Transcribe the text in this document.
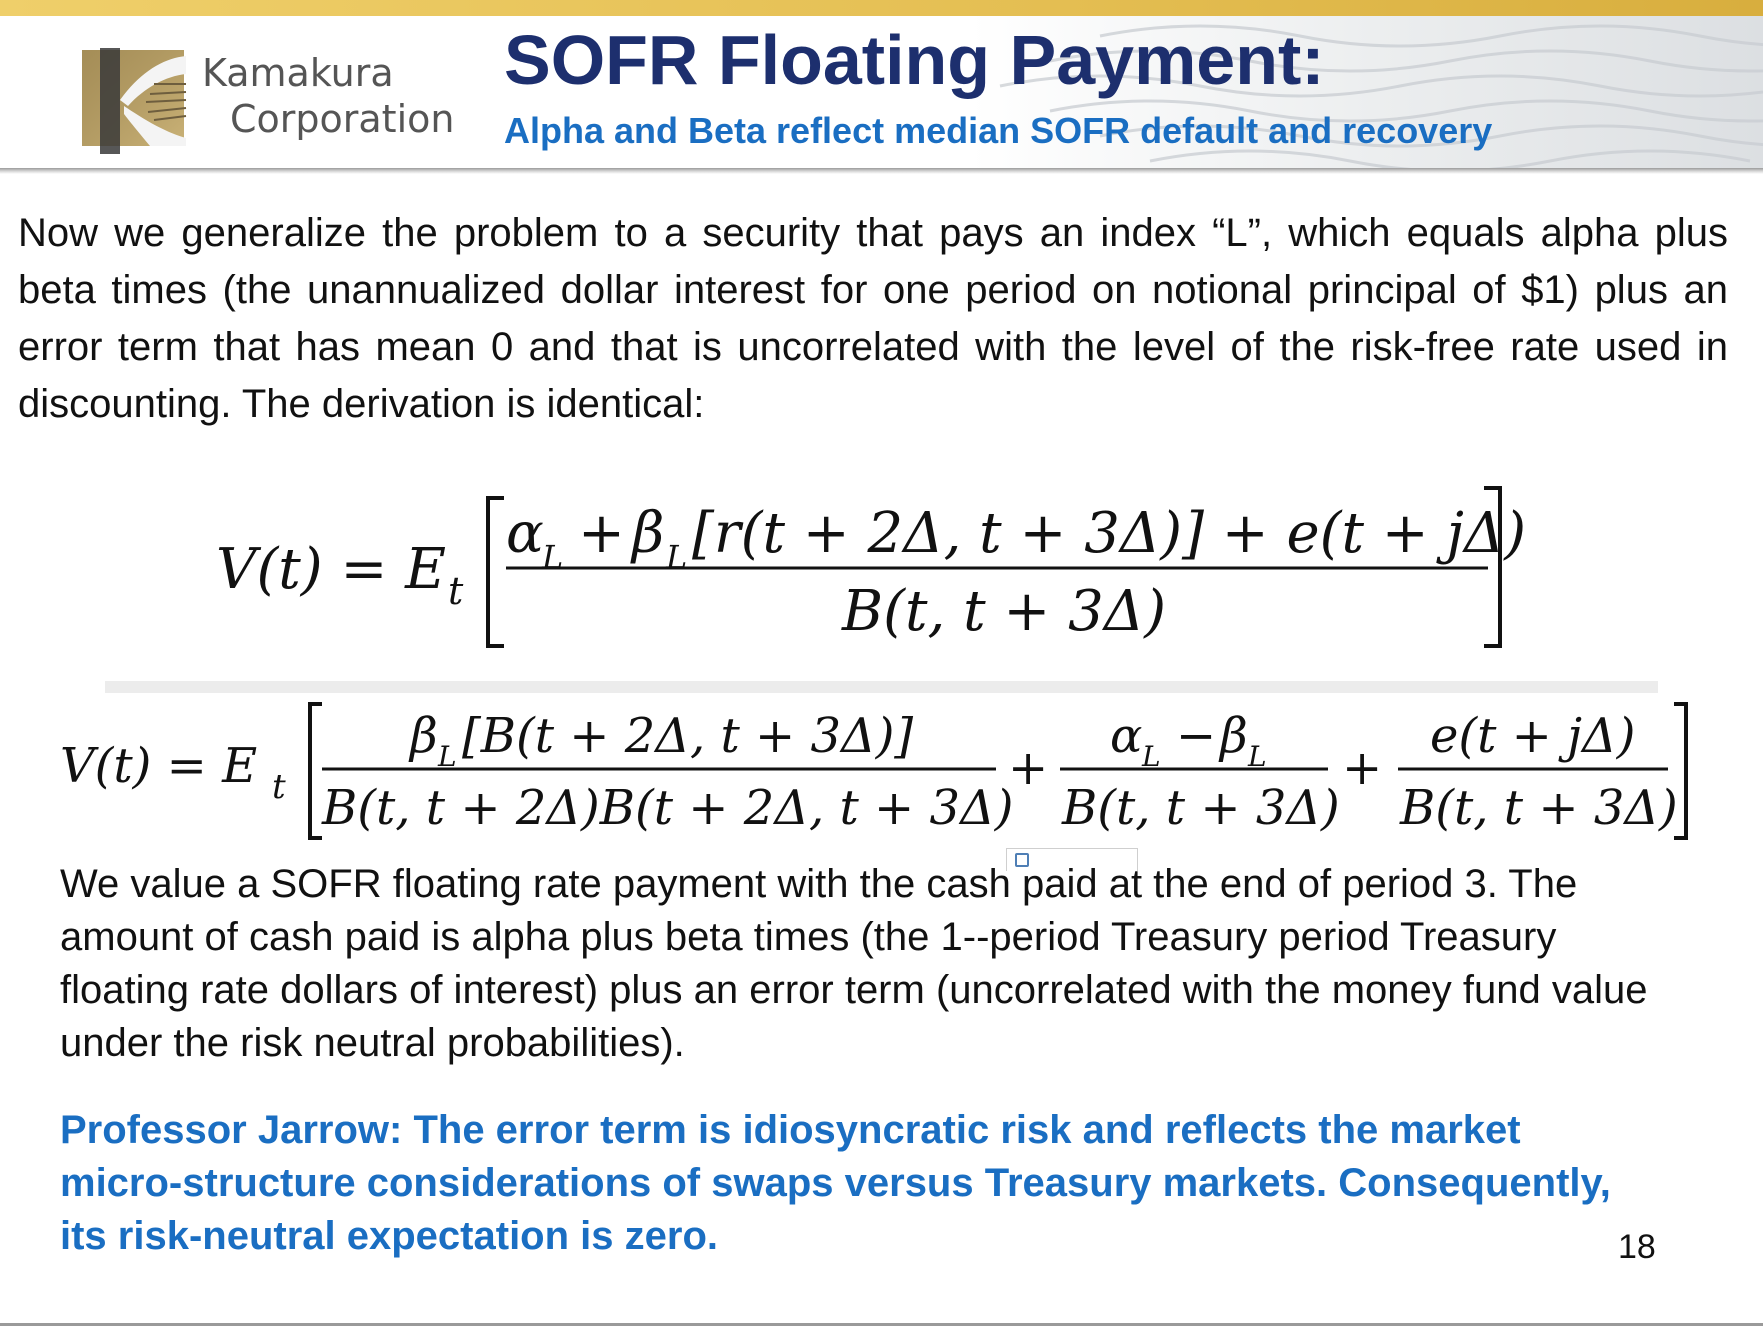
Kamakura
Corporation
SOFR Floating Payment:
Alpha and Beta reflect median SOFR default and recovery

Now we generalize the problem to a security that pays an index “L”, which equals alpha plus beta times (the unannualized dollar interest for one period on notional principal of $1) plus an error term that has mean 0 and that is uncorrelated with the level of the risk-free rate used in discounting. The derivation is identical:

V(t) = E t
α
L + β L [r(t + 2Δ, t + 3Δ)] + e(t + jΔ)
B(t, t + 3Δ)
V(t) = E t
β L [B(t + 2Δ, t + 3Δ)]
B(t, t + 2Δ)B(t + 2Δ, t + 3Δ)
+
α L − β L
B(t, t + 3Δ)
+
e(t + jΔ)
B(t, t + 3Δ)

We value a SOFR floating rate payment with the cash paid at the end of period 3. The amount of cash paid is alpha plus beta times (the 1--period Treasury period Treasury floating rate dollars of interest) plus an error term (uncorrelated with the money fund value under the risk neutral probabilities).

Professor Jarrow: The error term is idiosyncratic risk and reflects the market micro-structure considerations of swaps versus Treasury markets. Consequently, its risk-neutral expectation is zero.	18
